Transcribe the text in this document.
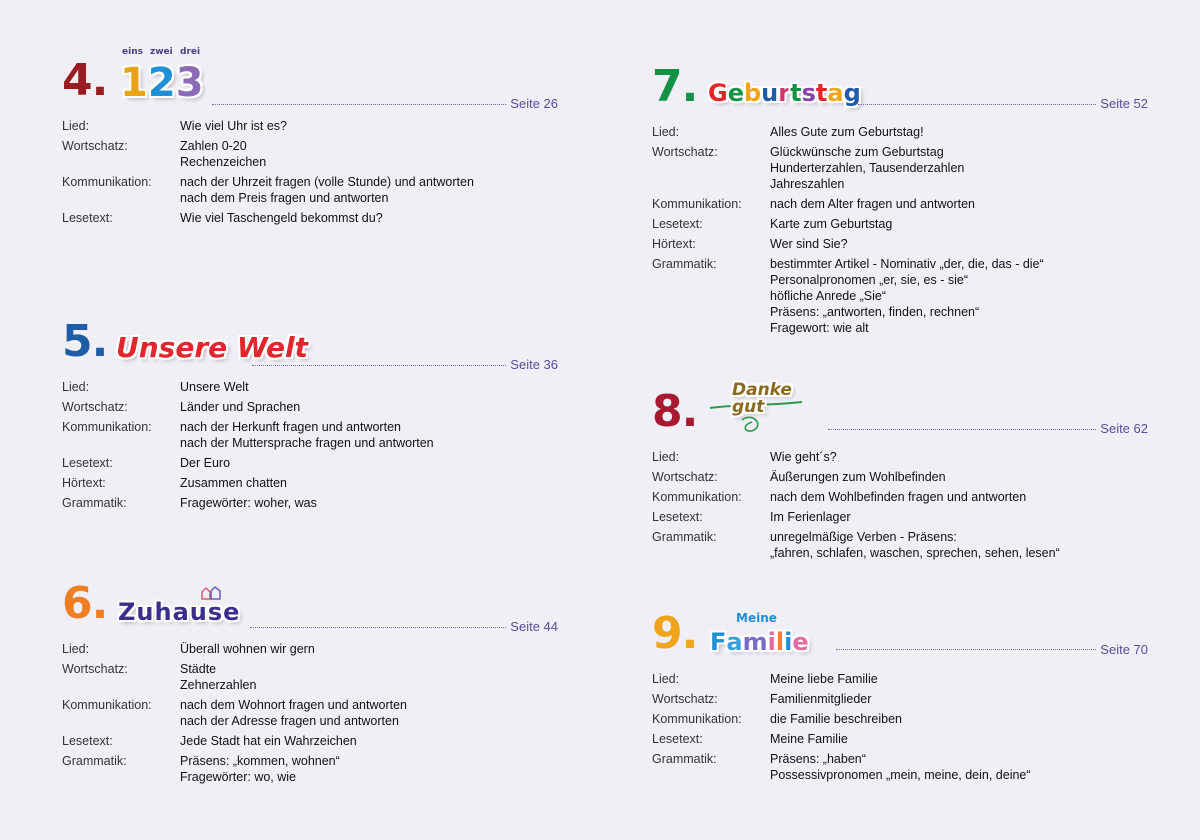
4. 123
eins zwei drei
Seite 26
Lied:	Wie viel Uhr ist es?
Wortschatz:	Zahlen 0-20
Rechenzeichen
Kommunikation:	nach der Uhrzeit fragen (volle Stunde) und antworten
nach dem Preis fragen und antworten
Lesetext:	Wie viel Taschengeld bekommst du?
5. Unsere Welt
Seite 36
Lied:	Unsere Welt
Wortschatz:	Länder und Sprachen
Kommunikation:	nach der Herkunft fragen und antworten
nach der Muttersprache fragen und antworten
Lesetext:	Der Euro
Hörtext:	Zusammen chatten
Grammatik:	Fragewörter: woher, was
6. Zuhause
Seite 44
Lied:	Überall wohnen wir gern
Wortschatz:	Städte
Zehnerzahlen
Kommunikation:	nach dem Wohnort fragen und antworten
nach der Adresse fragen und antworten
Lesetext:	Jede Stadt hat ein Wahrzeichen
Grammatik:	Präsens: „kommen, wohnen“
Fragewörter: wo, wie
7. Geburtstag	Seite 52
Lied:	Alles Gute zum Geburtstag!
Wortschatz:	Glückwünsche zum Geburtstag
Hunderterzahlen, Tausenderzahlen
Jahreszahlen
Kommunikation:	nach dem Alter fragen und antworten
Lesetext:	Karte zum Geburtstag
Hörtext:	Wer sind Sie?
Grammatik:	bestimmter Artikel - Nominativ „der, die, das - die“
Personalpronomen „er, sie, es - sie“
höfliche Anrede „Sie“
Präsens: „antworten, finden, rechnen“
Fragewort: wie alt
8. Danke gut
Seite 62
Lied:	Wie geht´s?
Wortschatz:	Äußerungen zum Wohlbefinden
Kommunikation:	nach dem Wohlbefinden fragen und antworten
Lesetext:	Im Ferienlager
Grammatik:	unregelmäßige Verben - Präsens:
„fahren, schlafen, waschen, sprechen, sehen, lesen“
9. Familie
Meine
Seite 70
Lied:	Meine liebe Familie
Wortschatz:	Familienmitglieder
Kommunikation:	die Familie beschreiben
Lesetext:	Meine Familie
Grammatik:	Präsens: „haben“
Possessivpronomen „mein, meine, dein, deine“
